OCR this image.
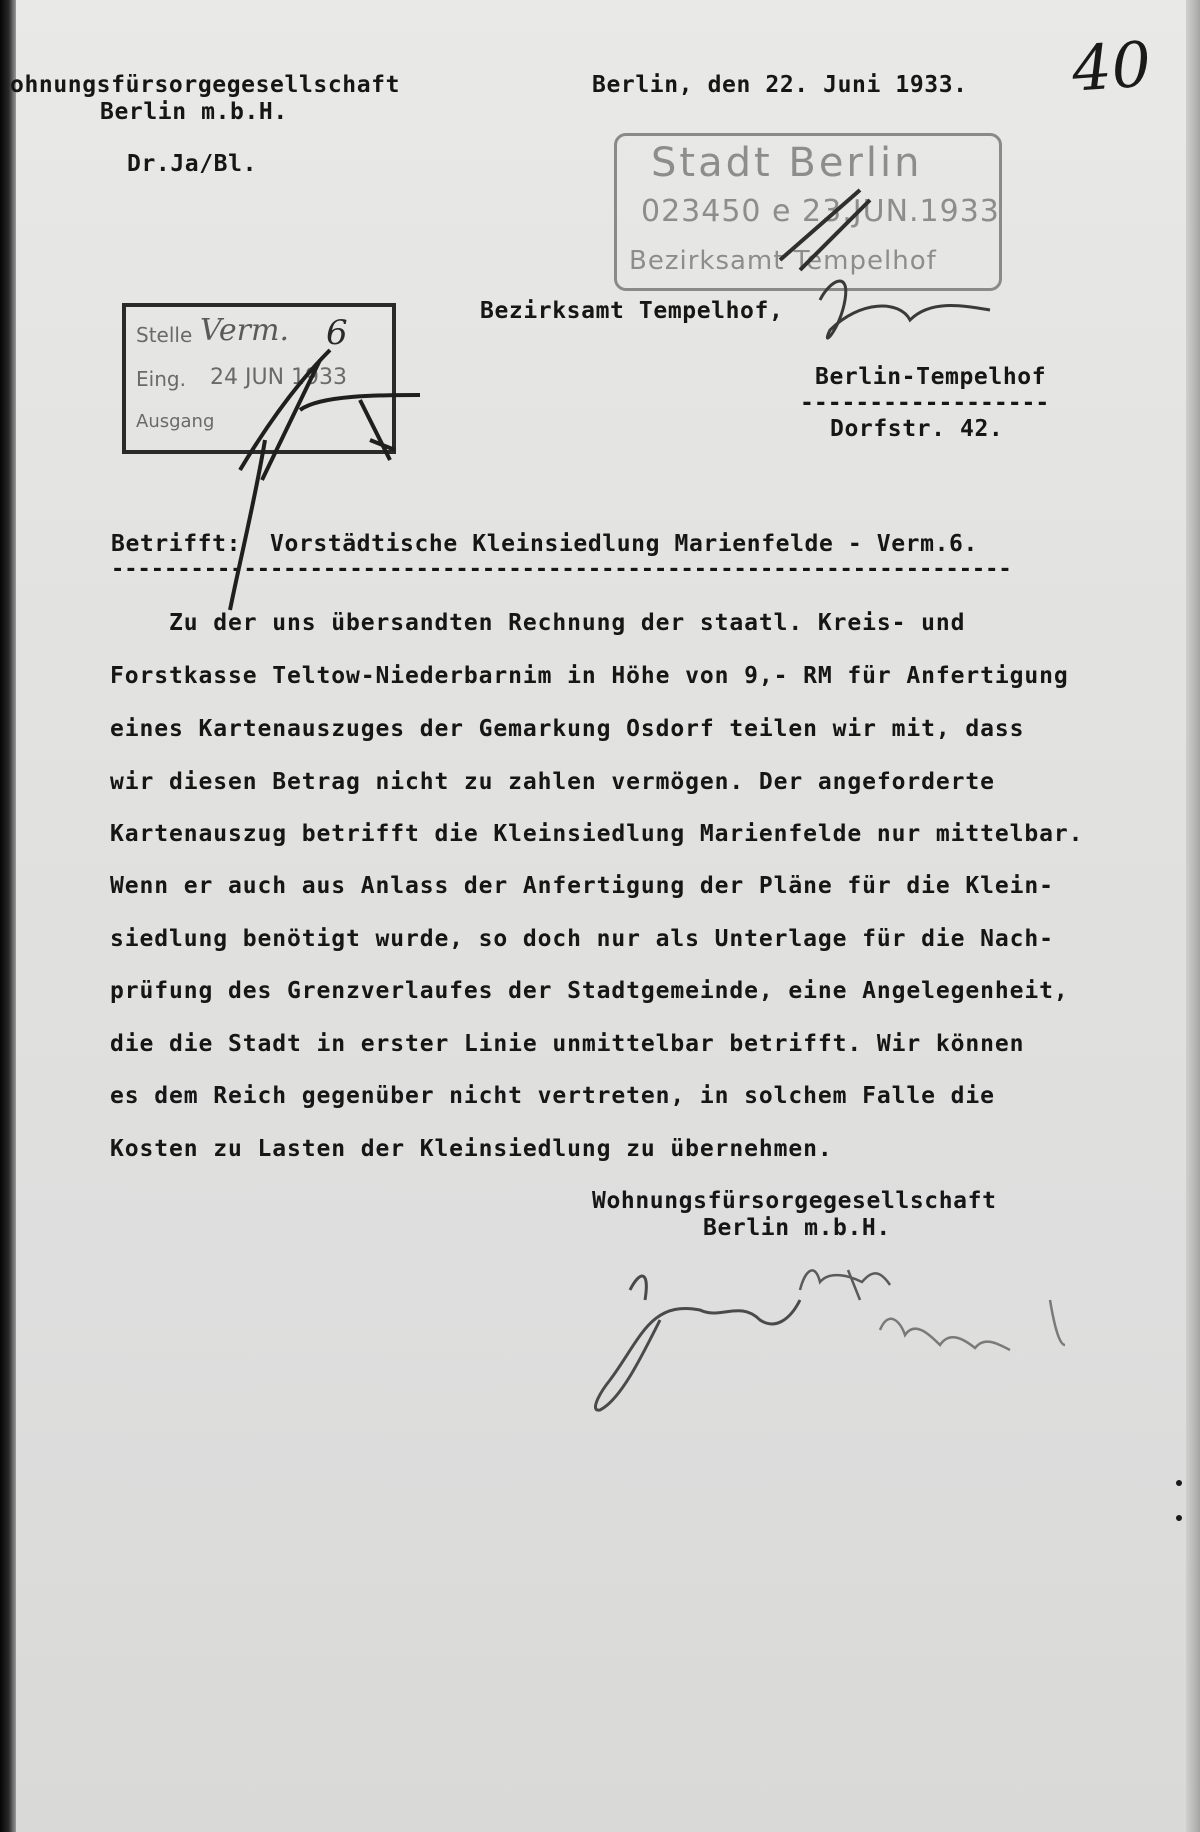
40
ohnungsfürsorgegesellschaft
Berlin m.b.H.
Dr.Ja/Bl.
Berlin, den 22. Juni 1933.
Stadt Berlin
023450 e 23.JUN.1933
Bezirksamt Tempelhof
Stelle Verm. 6
Eing. 24 JUN 1933
Ausgang
Bezirksamt Tempelhof,
Berlin-Tempelhof
------------------
Dorfstr. 42.
Betrifft: Vorstädtische Kleinsiedlung Marienfelde - Verm.6.
--------------------------------------------------------------------
Zu der uns übersandten Rechnung der staatl. Kreis- und
Forstkasse Teltow-Niederbarnim in Höhe von 9,- RM für Anfertigung
eines Kartenauszuges der Gemarkung Osdorf teilen wir mit, dass
wir diesen Betrag nicht zu zahlen vermögen. Der angeforderte
Kartenauszug betrifft die Kleinsiedlung Marienfelde nur mittelbar.
Wenn er auch aus Anlass der Anfertigung der Pläne für die Klein-
siedlung benötigt wurde, so doch nur als Unterlage für die Nach-
prüfung des Grenzverlaufes der Stadtgemeinde, eine Angelegenheit,
die die Stadt in erster Linie unmittelbar betrifft. Wir können
es dem Reich gegenüber nicht vertreten, in solchem Falle die
Kosten zu Lasten der Kleinsiedlung zu übernehmen.
Wohnungsfürsorgegesellschaft
Berlin m.b.H.
